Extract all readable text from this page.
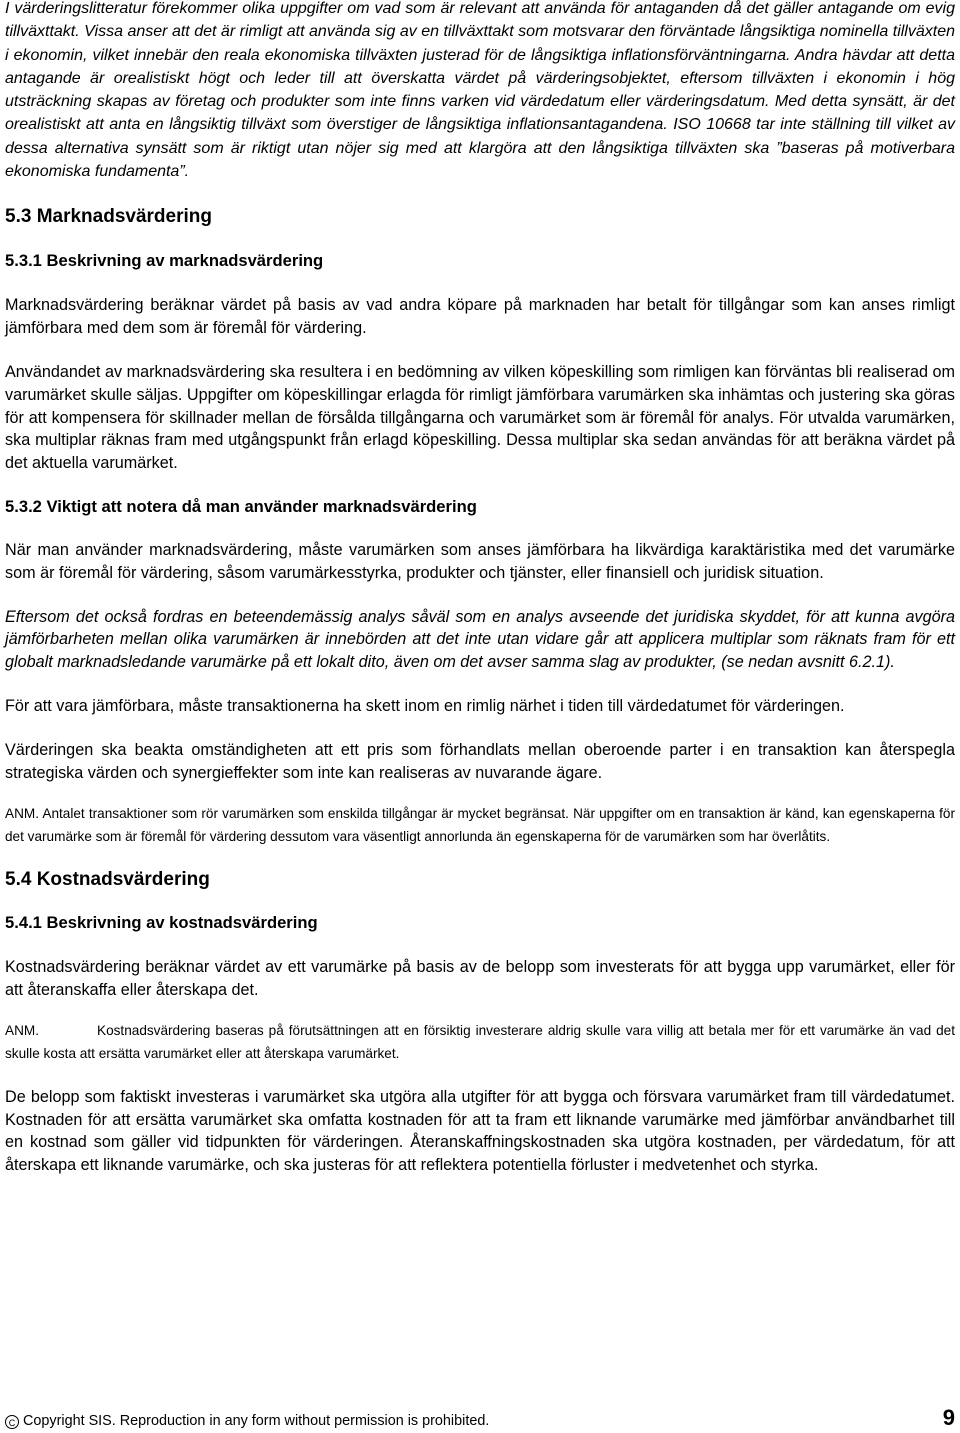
I värderingslitteratur förekommer olika uppgifter om vad som är relevant att använda för antaganden då det gäller antagande om evig tillväxttakt. Vissa anser att det är rimligt att använda sig av en tillväxttakt som motsvarar den förväntade långsiktiga nominella tillväxten i ekonomin, vilket innebär den reala ekonomiska tillväxten justerad för de långsiktiga inflationsförväntningarna. Andra hävdar att detta antagande är orealistiskt högt och leder till att överskatta värdet på värderingsobjektet, eftersom tillväxten i ekonomin i hög utsträckning skapas av företag och produkter som inte finns varken vid värdedatum eller värderingsdatum. Med detta synsätt, är det orealistiskt att anta en långsiktig tillväxt som överstiger de långsiktiga inflationsantagandena. ISO 10668 tar inte ställning till vilket av dessa alternativa synsätt som är riktigt utan nöjer sig med att klargöra att den långsiktiga tillväxten ska ”baseras på motiverbara ekonomiska fundamenta”.

5.3 Marknadsvärdering
5.3.1 Beskrivning av marknadsvärdering

Marknadsvärdering beräknar värdet på basis av vad andra köpare på marknaden har betalt för tillgångar som kan anses rimligt jämförbara med dem som är föremål för värdering.

Användandet av marknadsvärdering ska resultera i en bedömning av vilken köpeskilling som rimligen kan förväntas bli realiserad om varumärket skulle säljas. Uppgifter om köpeskillingar erlagda för rimligt jämförbara varumärken ska inhämtas och justering ska göras för att kompensera för skillnader mellan de försålda tillgångarna och varumärket som är föremål för analys. För utvalda varumärken, ska multiplar räknas fram med utgångspunkt från erlagd köpeskilling. Dessa multiplar ska sedan användas för att beräkna värdet på det aktuella varumärket.

5.3.2 Viktigt att notera då man använder marknadsvärdering

När man använder marknadsvärdering, måste varumärken som anses jämförbara ha likvärdiga karaktäristika med det varumärke som är föremål för värdering, såsom varumärkesstyrka, produkter och tjänster, eller finansiell och juridisk situation.

Eftersom det också fordras en beteendemässig analys såväl som en analys avseende det juridiska skyddet, för att kunna avgöra jämförbarheten mellan olika varumärken är innebörden att det inte utan vidare går att applicera multiplar som räknats fram för ett globalt marknadsledande varumärke på ett lokalt dito, även om det avser samma slag av produkter, (se nedan avsnitt 6.2.1).

För att vara jämförbara, måste transaktionerna ha skett inom en rimlig närhet i tiden till värdedatumet för värderingen.

Värderingen ska beakta omständigheten att ett pris som förhandlats mellan oberoende parter i en transaktion kan återspegla strategiska värden och synergieffekter som inte kan realiseras av nuvarande ägare.

ANM. Antalet transaktioner som rör varumärken som enskilda tillgångar är mycket begränsat. När uppgifter om en transaktion är känd, kan egenskaperna för det varumärke som är föremål för värdering dessutom vara väsentligt annorlunda än egenskaperna för de varumärken som har överlåtits.

5.4 Kostnadsvärdering
5.4.1 Beskrivning av kostnadsvärdering

Kostnadsvärdering beräknar värdet av ett varumärke på basis av de belopp som investerats för att bygga upp varumärket, eller för att återanskaffa eller återskapa det.

ANM.	Kostnadsvärdering baseras på förutsättningen att en försiktig investerare aldrig skulle vara villig att betala mer för ett varumärke än vad det skulle kosta att ersätta varumärket eller att återskapa varumärket.

De belopp som faktiskt investeras i varumärket ska utgöra alla utgifter för att bygga och försvara varumärket fram till värdedatumet. Kostnaden för att ersätta varumärket ska omfatta kostnaden för att ta fram ett liknande varumärke med jämförbar användbarhet till en kostnad som gäller vid tidpunkten för värderingen. Återanskaffningskostnaden ska utgöra kostnaden, per värdedatum, för att återskapa ett liknande varumärke, och ska justeras för att reflektera potentiella förluster i medvetenhet och styrka.

C Copyright SIS. Reproduction in any form without permission is prohibited.	9
